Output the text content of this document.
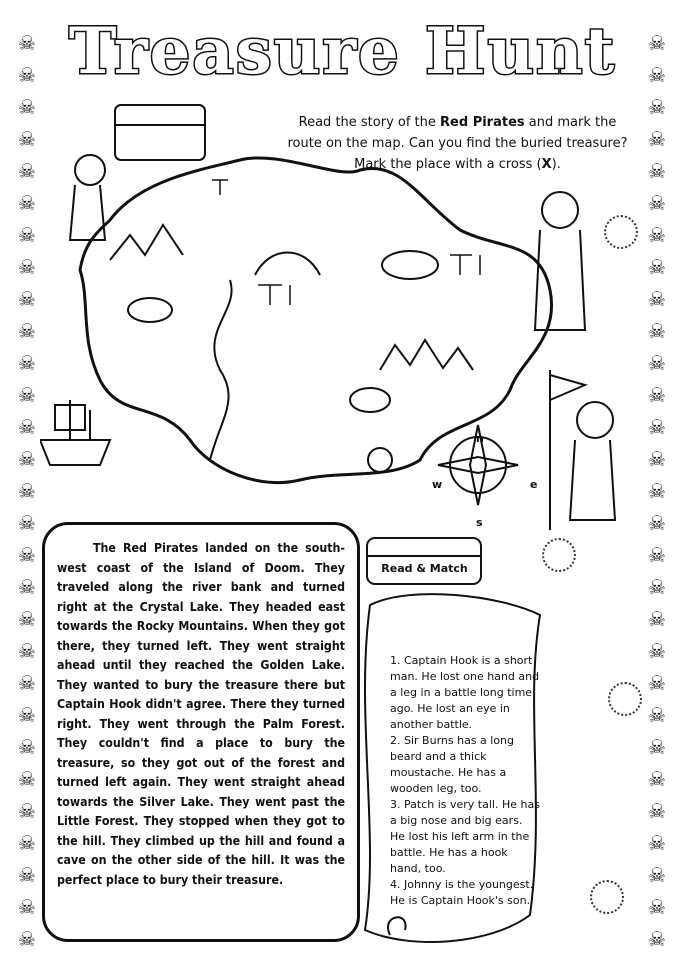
☠
☠
☠
☠
☠
☠
☠
☠
☠
☠
☠
☠
☠
☠
☠
☠
☠
☠
☠
☠
☠
☠
☠
☠
☠
☠
☠
☠
☠
☠
☠
☠
☠
☠
☠
☠
☠
☠
☠
☠
☠
☠
☠
☠
☠
☠
☠
☠
☠
☠
☠
☠
☠
☠
☠
☠
☠
☠
Treasure Hunt
Read the story of the Red Pirates and mark the route on the map. Can you find the buried treasure? Mark the place with a cross (X).
n
w	e
s
Read & Match

The Red Pirates landed on the south-west coast of the Island of Doom. They traveled along the river bank and turned right at the Crystal Lake. They headed east towards the Rocky Mountains. When they got there, they turned left. They went straight ahead until they reached the Golden Lake. They wanted to bury the treasure there but Captain Hook didn't agree. There they turned right. They went through the Palm Forest. They couldn't find a place to bury the treasure, so they got out of the forest and turned left again. They went straight ahead towards the Silver Lake. They went past the Little Forest. They stopped when they got to the hill. They climbed up the hill and found a cave on the other side of the hill. It was the perfect place to bury their treasure.

1. Captain Hook is a short man. He lost one hand and a leg in a battle long time ago. He lost an eye in another battle.
2. Sir Burns has a long beard and a thick moustache. He has a wooden leg, too.
3. Patch is very tall. He has a big nose and big ears. He lost his left arm in the battle. He has a hook hand, too.
4. Johnny is the youngest. He is Captain Hook's son.
